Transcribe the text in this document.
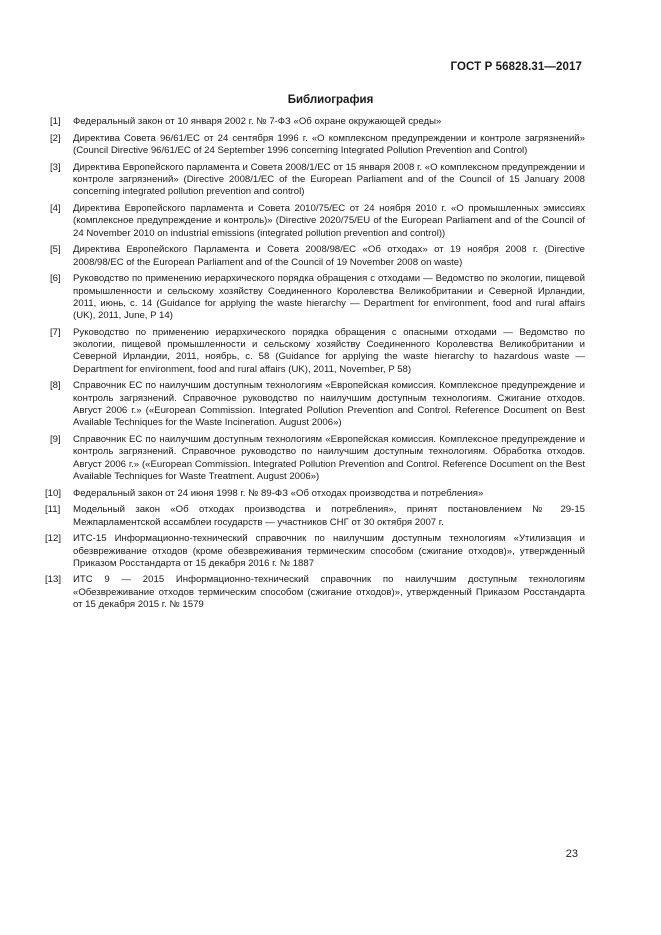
ГОСТ Р 56828.31—2017
Библиография
[1]	Федеральный закон от 10 января 2002 г. № 7-ФЗ «Об охране окружающей среды»
[2]	Директива Совета 96/61/ЕС от 24 сентября 1996 г. «О комплексном предупреждении и контроле загрязнений» (Council Directive 96/61/EC of 24 September 1996 concerning Integrated Pollution Prevention and Control)
[3]	Директива Европейского парламента и Совета 2008/1/ЕС от 15 января 2008 г. «О комплексном предупреждении и контроле загрязнений» (Directive 2008/1/EC of the European Parliament and of the Council of 15 January 2008 concerning integrated pollution prevention and control)
[4]	Директива Европейского парламента и Совета 2010/75/ЕС от 24 ноября 2010 г. «О промышленных эмиссиях (комплексное предупреждение и контроль)» (Directive 2020/75/EU of the European Parliament and of the Council of 24 November 2010 on industrial emissions (integrated pollution prevention and control))
[5]	Директива Европейского Парламента и Совета 2008/98/ЕС «Об отходах» от 19 ноября 2008 г. (Directive 2008/98/EC of the European Parliament and of the Council of 19 November 2008 on waste)
[6]	Руководство по применению иерархического порядка обращения с отходами — Ведомство по экологии, пищевой промышленности и сельскому хозяйству Соединенного Королевства Великобритании и Северной Ирландии, 2011, июнь, с. 14 (Guidance for applying the waste hierarchy — Department for environment, food and rural affairs (UK), 2011, June, P 14)
[7]	Руководство по применению иерархического порядка обращения с опасными отходами — Ведомство по экологии, пищевой промышленности и сельскому хозяйству Соединенного Королевства Великобритании и Северной Ирландии, 2011, ноябрь, с. 58 (Guidance for applying the waste hierarchy to hazardous waste — Department for environment, food and rural affairs (UK), 2011, November, P 58)
[8]	Справочник ЕС по наилучшим доступным технологиям «Европейская комиссия. Комплексное предупреждение и контроль загрязнений. Справочное руководство по наилучшим доступным технологиям. Сжигание отходов. Август 2006 г.» («European Commission. Integrated Pollution Prevention and Control. Reference Document on Best Available Techniques for the Waste Incineration. August 2006»)
[9]	Справочник ЕС по наилучшим доступным технологиям «Европейская комиссия. Комплексное предупреждение и контроль загрязнений. Справочное руководство по наилучшим доступным технологиям. Обработка отходов. Август 2006 г.» («European Commission. Integrated Pollution Prevention and Control. Reference Document on the Best Available Techniques for Waste Treatment. August 2006»)
[10]	Федеральный закон от 24 июня 1998 г. № 89-ФЗ «Об отходах производства и потребления»
[11]	Модельный закон «Об отходах производства и потребления», принят постановлением № 29-15 Межпарламентской ассамблеи государств — участников СНГ от 30 октября 2007 г.
[12]	ИТС-15 Информационно-технический справочник по наилучшим доступным технологиям «Утилизация и обезвреживание отходов (кроме обезвреживания термическим способом (сжигание отходов)», утвержденный Приказом Росстандарта от 15 декабря 2016 г. № 1887
[13]	ИТС 9 — 2015 Информационно-технический справочник по наилучшим доступным технологиям «Обезвреживание отходов термическим способом (сжигание отходов)», утвержденный Приказом Росстандарта от 15 декабря 2015 г. № 1579
23
